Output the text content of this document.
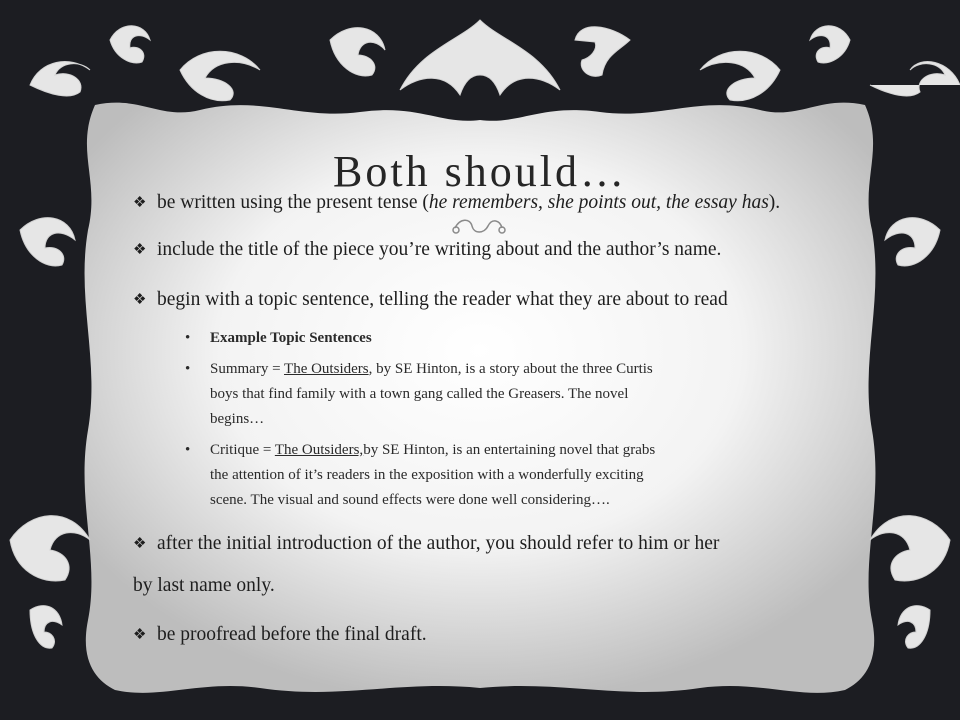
Both should…
❖ be written using the present tense (he remembers, she points out, the essay has).
❖ include the title of the piece you’re writing about and the author’s name.
❖ begin with a topic sentence, telling the reader what they are about to read
• Example Topic Sentences
• Summary = The Outsiders, by SE Hinton, is a story about the three Curtis
boys that find family with a town gang called the Greasers. The novel
begins…
• Critique = The Outsiders,by SE Hinton, is an entertaining novel that grabs
the attention of it’s readers in the exposition with a wonderfully exciting
scene. The visual and sound effects were done well considering….
❖ after the initial introduction of the author, you should refer to him or her
by last name only.
❖ be proofread before the final draft.
